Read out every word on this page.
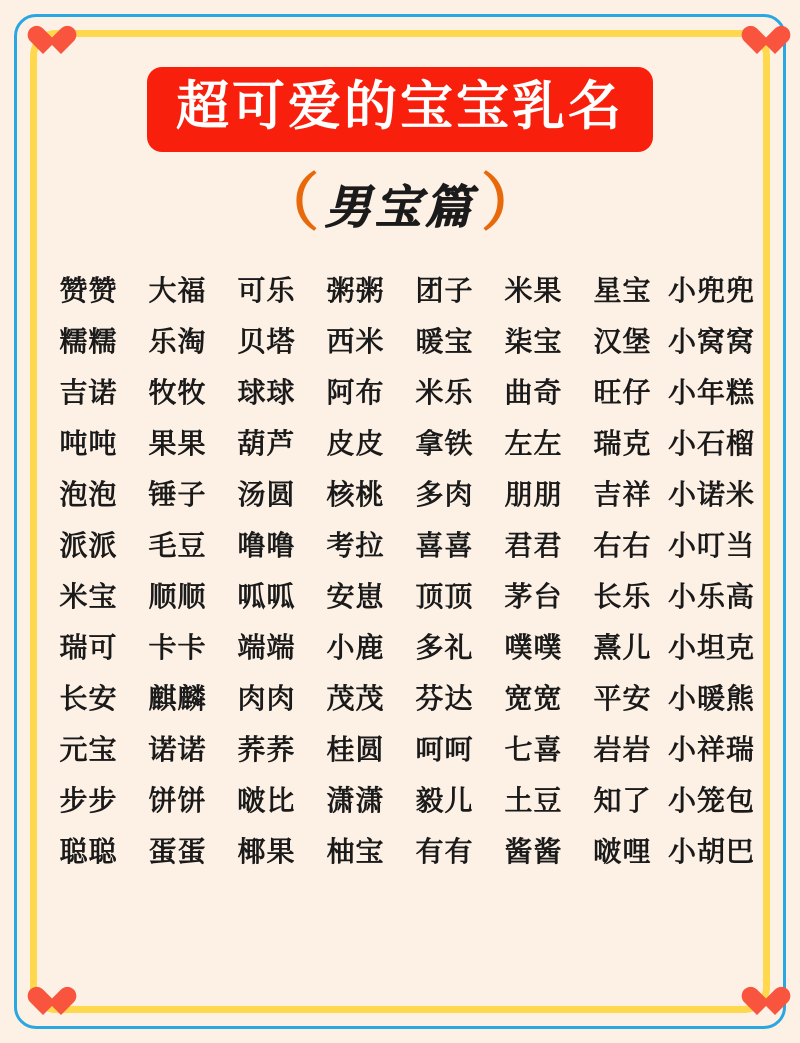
超可爱的宝宝乳名
（ 男宝篇 ）
赞赞	大福	可乐	粥粥	团子	米果	星宝 小兜兜
糯糯	乐淘	贝塔	西米	暖宝	柒宝	汉堡 小窝窝
吉诺	牧牧	球球	阿布	米乐	曲奇	旺仔 小年糕
吨吨	果果	葫芦	皮皮	拿铁	左左	瑞克 小石榴
泡泡	锤子	汤圆	核桃	多肉	朋朋	吉祥 小诺米
派派	毛豆	噜噜	考拉	喜喜	君君	右右 小叮当
米宝	顺顺	呱呱	安崽	顶顶	茅台	长乐 小乐高
瑞可	卡卡	端端	小鹿	多礼	噗噗	熹儿 小坦克
长安	麒麟	肉肉	茂茂	芬达	宽宽	平安 小暖熊
元宝	诺诺	荞荞	桂圆	呵呵	七喜	岩岩 小祥瑞
步步	饼饼	啵比	潇潇	毅儿	土豆	知了 小笼包
聪聪	蛋蛋	椰果	柚宝	有有	酱酱	啵哩 小胡巴
